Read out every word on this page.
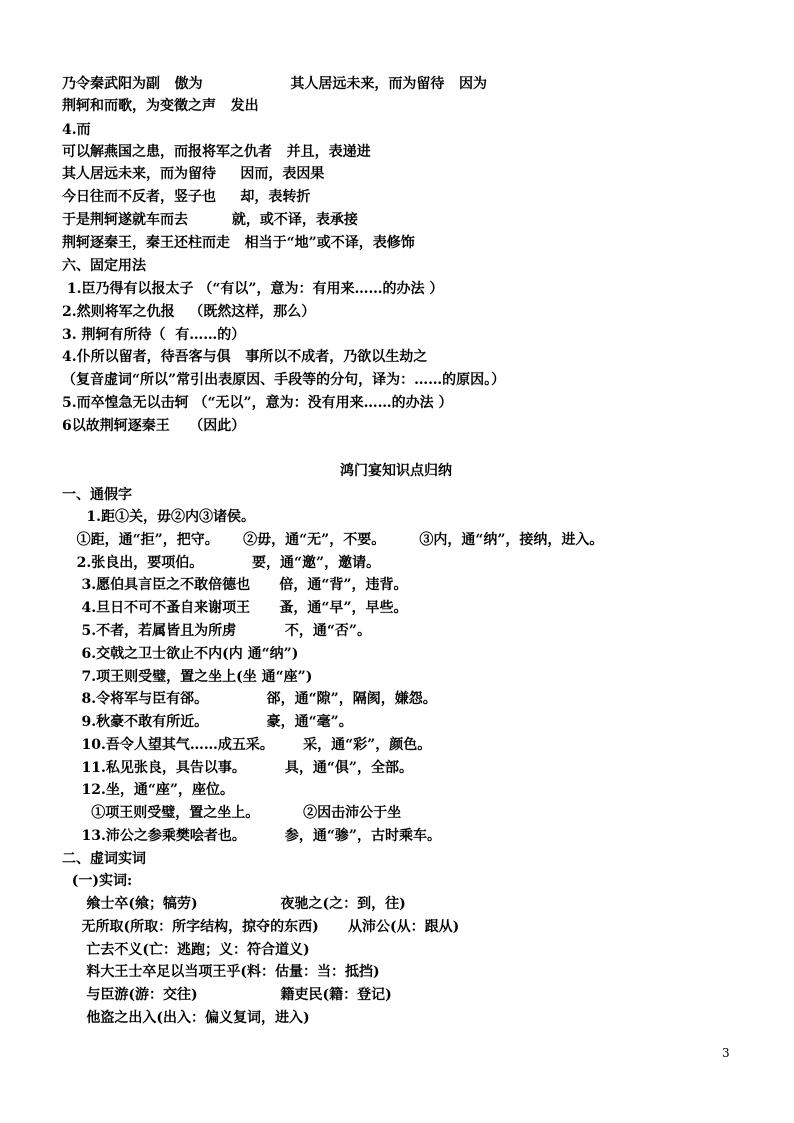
乃令秦武阳为副   傲为                  其人居远未来，而为留待   因为
荆轲和而歌，为变徵之声   发出
4.而
可以解燕国之患，而报将军之仇者   并且，表递进
其人居远未来，而为留待     因而，表因果
今日往而不反者，竖子也     却，表转折
于是荆轲遂就车而去         就，或不译，表承接
荆轲逐秦王，秦王还柱而走   相当于“地”或不译，表修饰
六、固定用法
1.臣乃得有以报太子 （“有以”，意为：有用来……的办法 ）
2.然则将军之仇报   （既然这样，那么）
3. 荆轲有所待（  有……的）
4.仆所以留者，待吾客与俱   事所以不成者，乃欲以生劫之
（复音虚词“所以”常引出表原因、手段等的分句，译为：……的原因。）
5.而卒惶急无以击轲 （“无以”，意为：没有用来……的办法 ）
6以故荆轲逐秦王    （因此）
鸿门宴知识点归纳
一、通假字
1.距①关，毋②内③诸侯。
①距，通“拒”，把守。     ②毋，通“无”，不要。       ③内，通“纳”，接纳，进入。
2.张良出，要项伯。          要，通“邀”，邀请。
3.愿伯具言臣之不敢倍德也      倍，通“背”，违背。
4.旦日不可不蚤自来谢项王      蚤，通“早”，早些。
5.不者，若属皆且为所虏          不，通“否”。
6.交戟之卫士欲止不内(内 通“纳”)
7.项王则受璧，置之坐上(坐 通“座”)
8.令将军与臣有郤。            郤，通“隙”，隔阂，嫌怨。
9.秋豪不敢有所近。            豪，通“毫”。
10.吾令人望其气……成五采。      采，通“彩”，颜色。
11.私见张良，具告以事。        具，通“俱”，全部。
12.坐，通“座”，座位。
①项王则受璧，置之坐上。         ②因击沛公于坐
13.沛公之参乘樊哙者也。        参，通“骖”，古时乘车。
二、虚词实词
(一)实词:
飨士卒(飨；犒劳)                 夜驰之(之：到，往)
无所取(所取：所字结构，掠夺的东西)      从沛公(从：跟从)
亡去不义(亡：逃跑；义：符合道义)
料大王士卒足以当项王乎(料：估量：当：抵挡)
与臣游(游：交往)                 籍吏民(籍：登记)
他盗之出入(出入：偏义复词，进入)
3
